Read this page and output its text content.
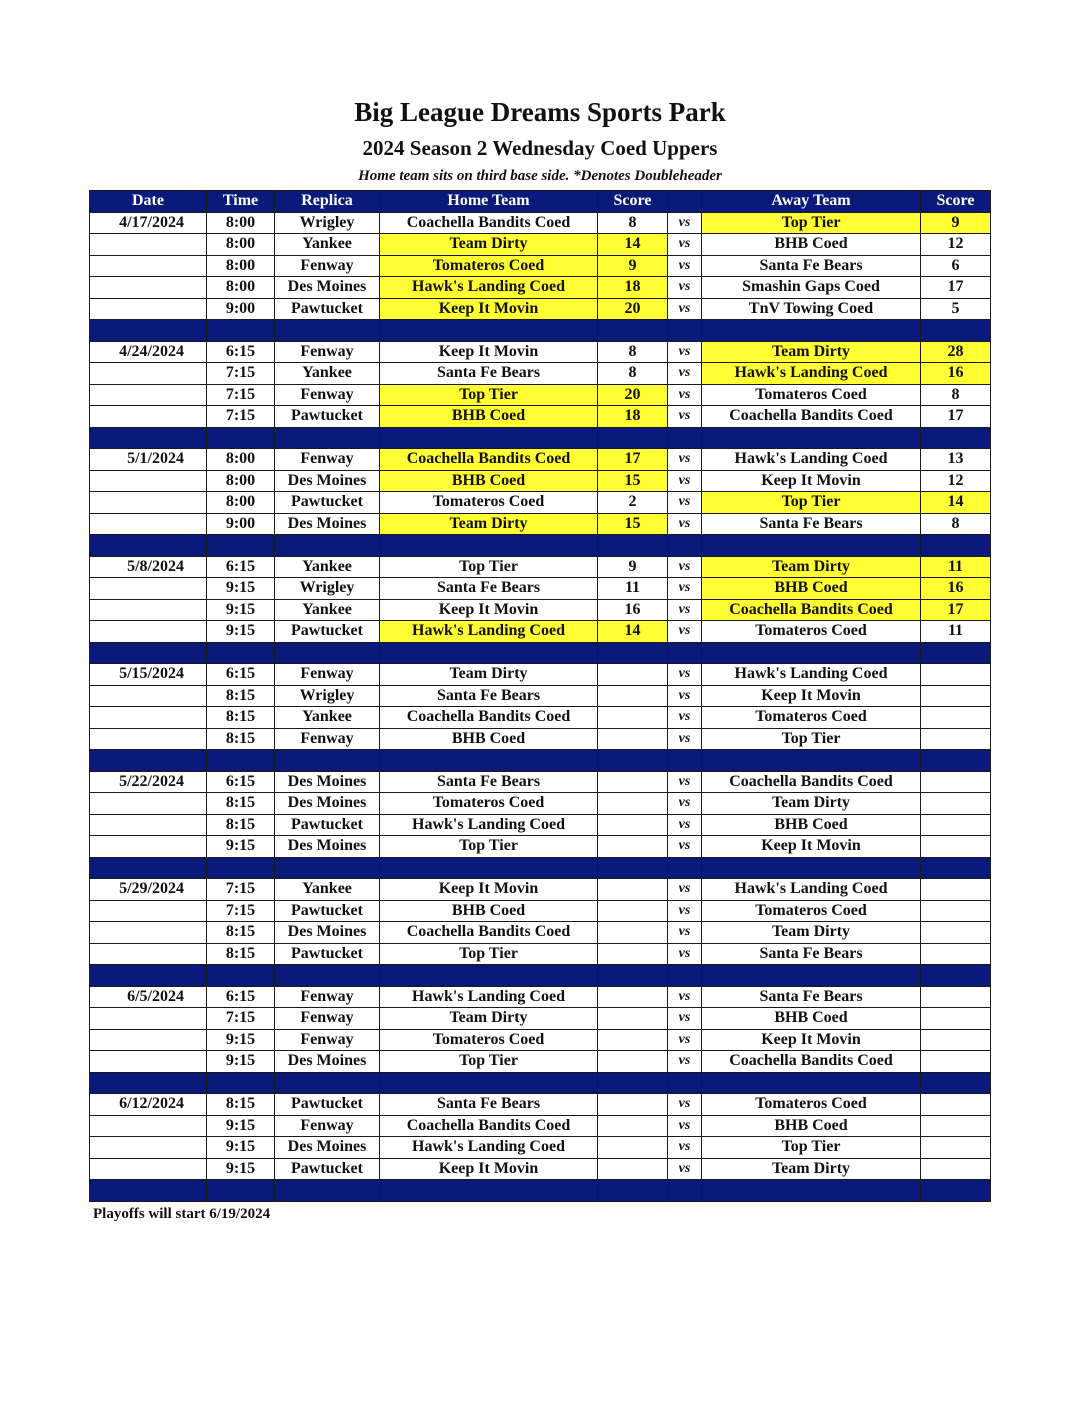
Big League Dreams Sports Park
2024 Season 2 Wednesday Coed Uppers
Home team sits on third base side. *Denotes Doubleheader
Date	Time	Replica	Home Team	Score		Away Team	Score
4/17/2024	8:00	Wrigley	Coachella Bandits Coed	8	vs	Top Tier	9
	8:00	Yankee	Team Dirty	14	vs	BHB Coed	12
	8:00	Fenway	Tomateros Coed	9	vs	Santa Fe Bears	6
	8:00	Des Moines	Hawk's Landing Coed	18	vs	Smashin Gaps Coed	17
	9:00	Pawtucket	Keep It Movin	20	vs	TnV Towing Coed	5

4/24/2024	6:15	Fenway	Keep It Movin	8	vs	Team Dirty	28
	7:15	Yankee	Santa Fe Bears	8	vs	Hawk's Landing Coed	16
	7:15	Fenway	Top Tier	20	vs	Tomateros Coed	8
	7:15	Pawtucket	BHB Coed	18	vs	Coachella Bandits Coed	17

5/1/2024	8:00	Fenway	Coachella Bandits Coed	17	vs	Hawk's Landing Coed	13
	8:00	Des Moines	BHB Coed	15	vs	Keep It Movin	12
	8:00	Pawtucket	Tomateros Coed	2	vs	Top Tier	14
	9:00	Des Moines	Team Dirty	15	vs	Santa Fe Bears	8

5/8/2024	6:15	Yankee	Top Tier	9	vs	Team Dirty	11
	9:15	Wrigley	Santa Fe Bears	11	vs	BHB Coed	16
	9:15	Yankee	Keep It Movin	16	vs	Coachella Bandits Coed	17
	9:15	Pawtucket	Hawk's Landing Coed	14	vs	Tomateros Coed	11

5/15/2024	6:15	Fenway	Team Dirty		vs	Hawk's Landing Coed	
	8:15	Wrigley	Santa Fe Bears		vs	Keep It Movin	
	8:15	Yankee	Coachella Bandits Coed		vs	Tomateros Coed	
	8:15	Fenway	BHB Coed		vs	Top Tier	

5/22/2024	6:15	Des Moines	Santa Fe Bears		vs	Coachella Bandits Coed	
	8:15	Des Moines	Tomateros Coed		vs	Team Dirty	
	8:15	Pawtucket	Hawk's Landing Coed		vs	BHB Coed	
	9:15	Des Moines	Top Tier		vs	Keep It Movin	

5/29/2024	7:15	Yankee	Keep It Movin		vs	Hawk's Landing Coed	
	7:15	Pawtucket	BHB Coed		vs	Tomateros Coed	
	8:15	Des Moines	Coachella Bandits Coed		vs	Team Dirty	
	8:15	Pawtucket	Top Tier		vs	Santa Fe Bears	

6/5/2024	6:15	Fenway	Hawk's Landing Coed		vs	Santa Fe Bears	
	7:15	Fenway	Team Dirty		vs	BHB Coed	
	9:15	Fenway	Tomateros Coed		vs	Keep It Movin	
	9:15	Des Moines	Top Tier		vs	Coachella Bandits Coed	

6/12/2024	8:15	Pawtucket	Santa Fe Bears		vs	Tomateros Coed	
	9:15	Fenway	Coachella Bandits Coed		vs	BHB Coed	
	9:15	Des Moines	Hawk's Landing Coed		vs	Top Tier	
	9:15	Pawtucket	Keep It Movin		vs	Team Dirty	

Playoffs will start 6/19/2024
